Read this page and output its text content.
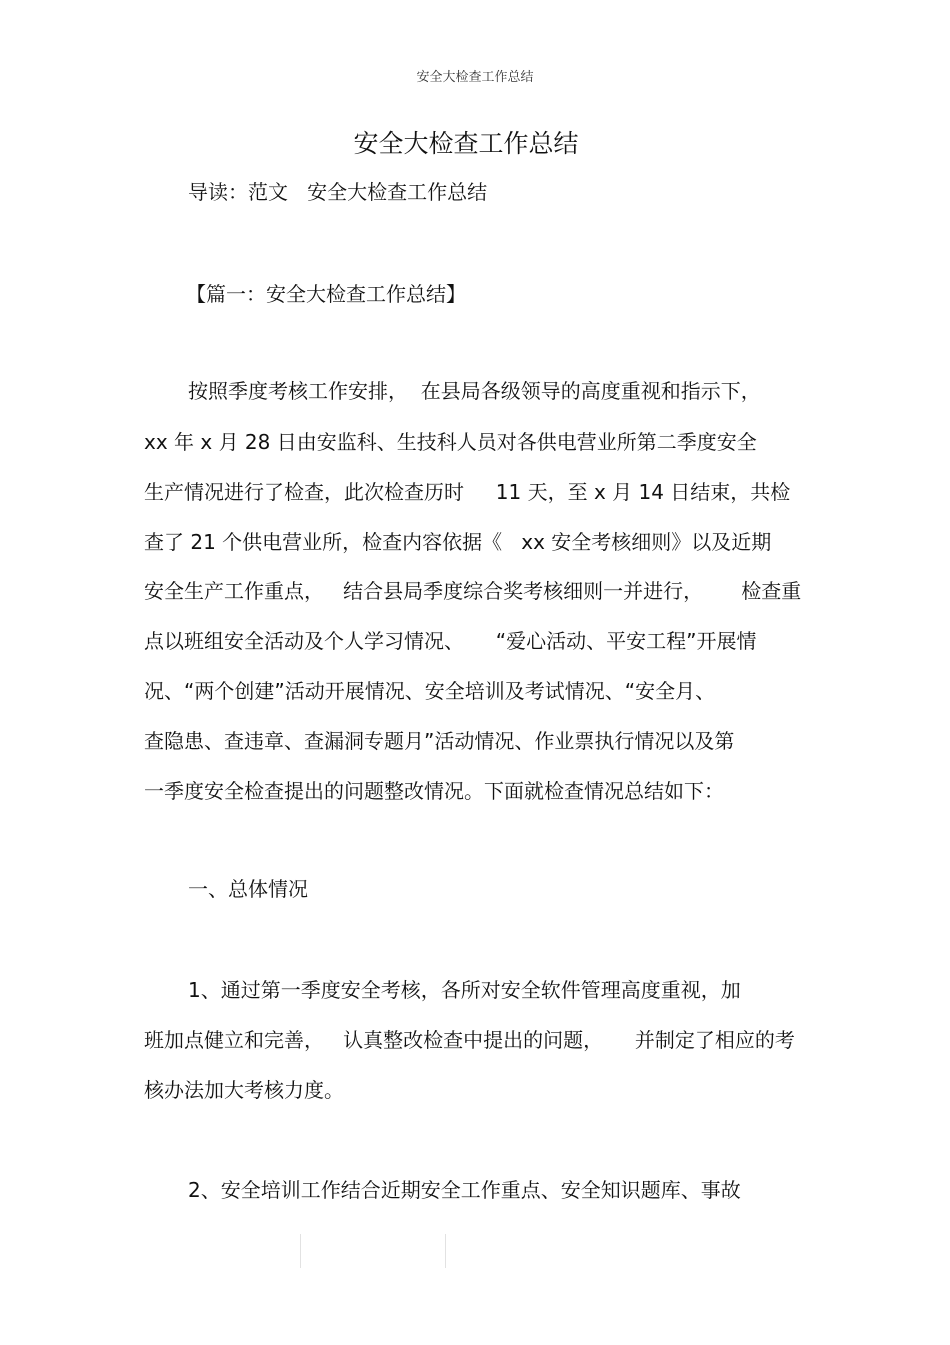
安全大检查工作总结
安全大检查工作总结
导读：范文   安全大检查工作总结
【篇一：安全大检查工作总结】
按照季度考核工作安排，  在县局各级领导的高度重视和指示下，
xx 年 x 月 28 日由安监科、生技科人员对各供电营业所第二季度安全
生产情况进行了检查，此次检查历时     11 天，至 x 月 14 日结束，共检
查了 21 个供电营业所，检查内容依据《   xx 安全考核细则》以及近期
安全生产工作重点，   结合县局季度综合奖考核细则一并进行，      检查重
点以班组安全活动及个人学习情况、     “爱心活动、平安工程”开展情
况、“两个创建”活动开展情况、安全培训及考试情况、“安全月、
查隐患、查违章、查漏洞专题月”活动情况、作业票执行情况以及第
一季度安全检查提出的问题整改情况。下面就检查情况总结如下：
一、总体情况
1、通过第一季度安全考核，各所对安全软件管理高度重视，加
班加点健立和完善，   认真整改检查中提出的问题，     并制定了相应的考
核办法加大考核力度。
2、安全培训工作结合近期安全工作重点、安全知识题库、事故
